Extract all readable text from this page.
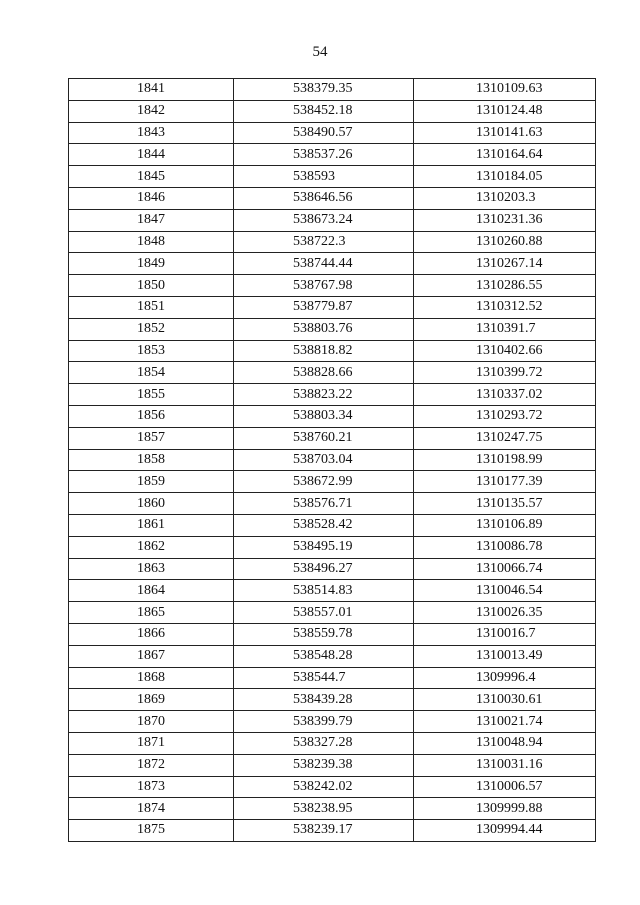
54
1841	538379.35	1310109.63
1842	538452.18	1310124.48
1843	538490.57	1310141.63
1844	538537.26	1310164.64
1845	538593	1310184.05
1846	538646.56	1310203.3
1847	538673.24	1310231.36
1848	538722.3	1310260.88
1849	538744.44	1310267.14
1850	538767.98	1310286.55
1851	538779.87	1310312.52
1852	538803.76	1310391.7
1853	538818.82	1310402.66
1854	538828.66	1310399.72
1855	538823.22	1310337.02
1856	538803.34	1310293.72
1857	538760.21	1310247.75
1858	538703.04	1310198.99
1859	538672.99	1310177.39
1860	538576.71	1310135.57
1861	538528.42	1310106.89
1862	538495.19	1310086.78
1863	538496.27	1310066.74
1864	538514.83	1310046.54
1865	538557.01	1310026.35
1866	538559.78	1310016.7
1867	538548.28	1310013.49
1868	538544.7	1309996.4
1869	538439.28	1310030.61
1870	538399.79	1310021.74
1871	538327.28	1310048.94
1872	538239.38	1310031.16
1873	538242.02	1310006.57
1874	538238.95	1309999.88
1875	538239.17	1309994.44
